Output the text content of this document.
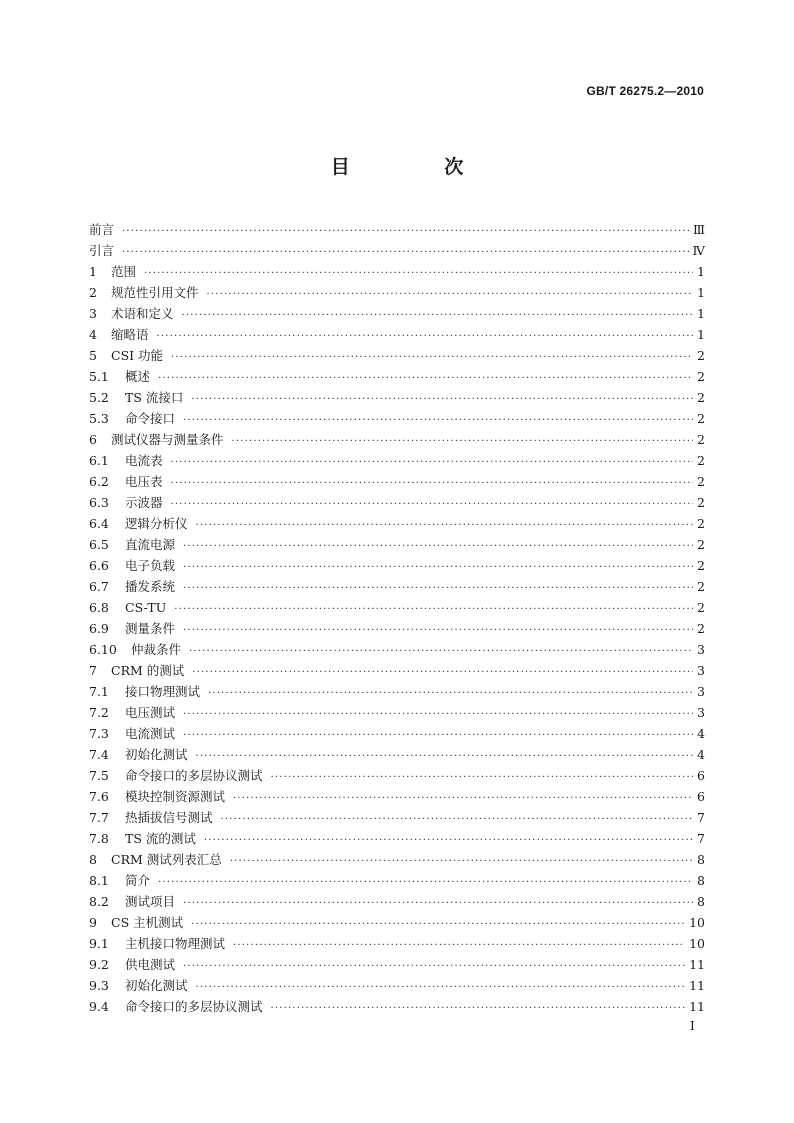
GB/T 26275.2—2010
目 次
前言 ·····	Ⅲ
引言 ·····	Ⅳ
1	范围 ·····	1
2	规范性引用文件 ·····	1
3	术语和定义 ·····	1
4	缩略语 ·····	1
5	CSI 功能 ·····	2
5.1	概述 ·····	2
5.2	TS 流接口 ·····	2
5.3	命令接口 ·····	2
6	测试仪器与测量条件 ·····	2
6.1	电流表 ·····	2
6.2	电压表 ·····	2
6.3	示波器 ·····	2
6.4	逻辑分析仪 ·····	2
6.5	直流电源 ·····	2
6.6	电子负载 ·····	2
6.7	播发系统 ·····	2
6.8	CS-TU ·····	2
6.9	测量条件 ·····	2
6.10	仲裁条件 ·····	3
7	CRM 的测试 ·····	3
7.1	接口物理测试 ·····	3
7.2	电压测试 ·····	3
7.3	电流测试 ·····	4
7.4	初始化测试 ·····	4
7.5	命令接口的多层协议测试 ·····	6
7.6	模块控制资源测试 ·····	6
7.7	热插拔信号测试 ·····	7
7.8	TS 流的测试 ·····	7
8	CRM 测试列表汇总 ·····	8
8.1	简介 ·····	8
8.2	测试项目 ·····	8
9	CS 主机测试 ·····	10
9.1	主机接口物理测试 ·····	10
9.2	供电测试 ·····	11
9.3	初始化测试 ·····	11
9.4	命令接口的多层协议测试 ·····	11
I
